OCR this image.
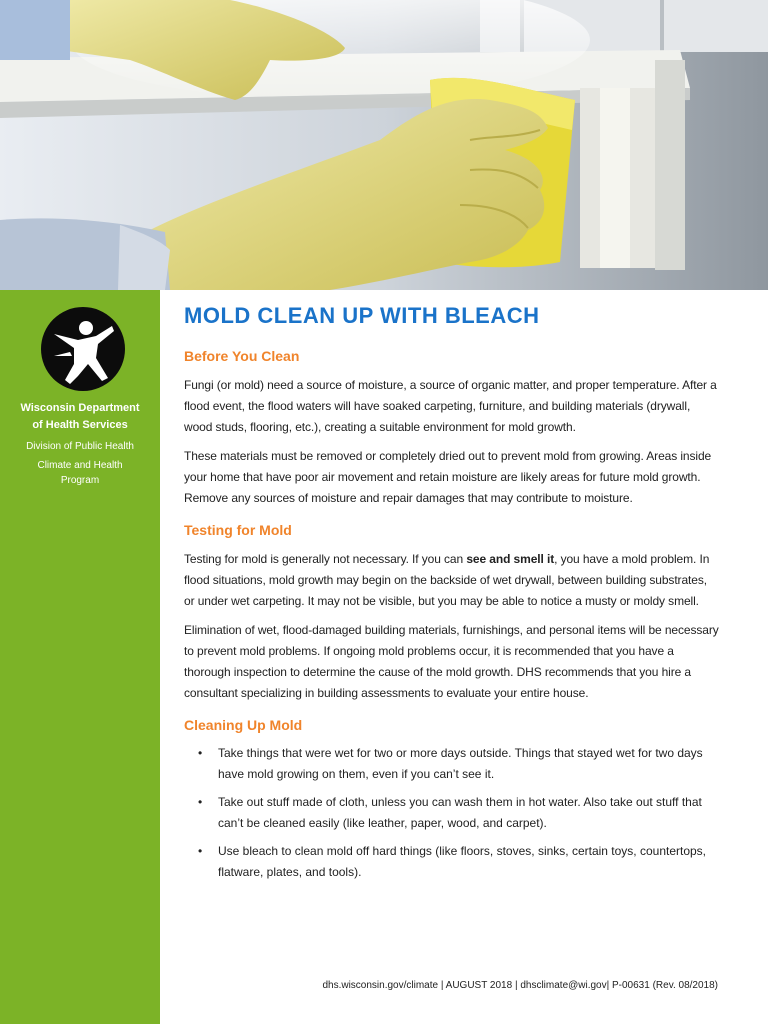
Wisconsin Department
of Health Services
Division of Public Health
Climate and Health
Program
MOLD CLEAN UP WITH BLEACH
Before You Clean

Fungi (or mold) need a source of moisture, a source of organic matter, and proper temperature. After a flood event, the flood waters will have soaked carpeting, furniture, and building materials (drywall, wood studs, flooring, etc.), creating a suitable environment for mold growth.

These materials must be removed or completely dried out to prevent mold from growing. Areas inside your home that have poor air movement and retain moisture are likely areas for future mold growth. Remove any sources of moisture and repair damages that may contribute to moisture.

Testing for Mold

Testing for mold is generally not necessary. If you can see and smell it, you have a mold problem. In flood situations, mold growth may begin on the backside of wet drywall, between building substrates, or under wet carpeting. It may not be visible, but you may be able to notice a musty or moldy smell.

Elimination of wet, flood-damaged building materials, furnishings, and personal items will be necessary to prevent mold problems. If ongoing mold problems occur, it is recommended that you have a thorough inspection to determine the cause of the mold growth. DHS recommends that you hire a consultant specializing in building assessments to evaluate your entire house.

Cleaning Up Mold
• Take things that were wet for two or more days outside. Things that stayed wet for two days have mold growing on them, even if you can’t see it.
• Take out stuff made of cloth, unless you can wash them in hot water. Also take out stuff that can’t be cleaned easily (like leather, paper, wood, and carpet).
• Use bleach to clean mold off hard things (like floors, stoves, sinks, certain toys, countertops, flatware, plates, and tools).
dhs.wisconsin.gov/climate | AUGUST 2018 | dhsclimate@wi.gov| P-00631 (Rev. 08/2018)
